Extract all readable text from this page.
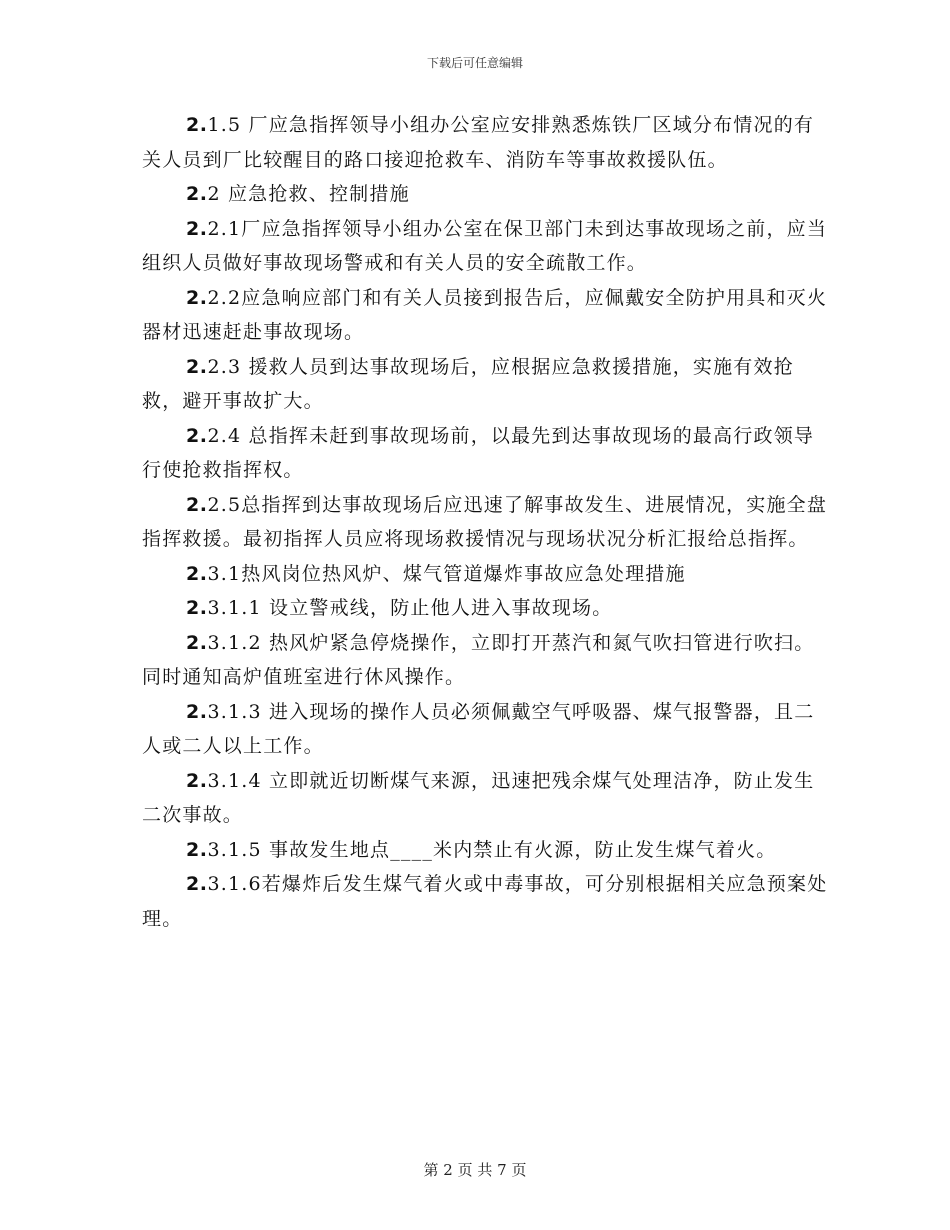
下载后可任意编辑

2.1.5 厂应急指挥领导小组办公室应安排熟悉炼铁厂区域分布情况的有关人员到厂比较醒目的路口接迎抢救车、消防车等事故救援队伍。

2.2 应急抢救、控制措施

2.2.1厂应急指挥领导小组办公室在保卫部门未到达事故现场之前，应当组织人员做好事故现场警戒和有关人员的安全疏散工作。

2.2.2应急响应部门和有关人员接到报告后，应佩戴安全防护用具和灭火器材迅速赶赴事故现场。

2.2.3 援救人员到达事故现场后，应根据应急救援措施，实施有效抢救，避开事故扩大。

2.2.4 总指挥未赶到事故现场前，以最先到达事故现场的最高行政领导行使抢救指挥权。

2.2.5总指挥到达事故现场后应迅速了解事故发生、进展情况，实施全盘指挥救援。最初指挥人员应将现场救援情况与现场状况分析汇报给总指挥。

2.3.1热风岗位热风炉、煤气管道爆炸事故应急处理措施

2.3.1.1 设立警戒线，防止他人进入事故现场。

2.3.1.2 热风炉紧急停烧操作，立即打开蒸汽和氮气吹扫管进行吹扫。同时通知高炉值班室进行休风操作。

2.3.1.3 进入现场的操作人员必须佩戴空气呼吸器、煤气报警器，且二人或二人以上工作。

2.3.1.4 立即就近切断煤气来源，迅速把残余煤气处理洁净，防止发生二次事故。

2.3.1.5 事故发生地点____米内禁止有火源，防止发生煤气着火。

2.3.1.6若爆炸后发生煤气着火或中毒事故，可分别根据相关应急预案处理。

第 2 页 共 7 页
